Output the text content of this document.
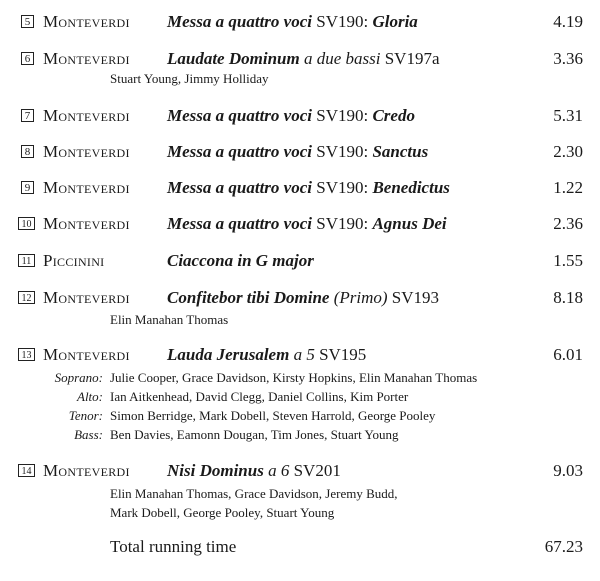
5 Monteverdi Messa a quattro voci SV190: Gloria	4.19
6 Monteverdi Laudate Dominum a due bassi SV197a	3.36
Stuart Young, Jimmy Holliday
7 Monteverdi Messa a quattro voci SV190: Credo	5.31
8 Monteverdi Messa a quattro voci SV190: Sanctus	2.30
9 Monteverdi Messa a quattro voci SV190: Benedictus	1.22
10 Monteverdi Messa a quattro voci SV190: Agnus Dei	2.36
11 Piccinini	Ciaccona in G major	1.55
12 Monteverdi Confitebor tibi Domine (Primo) SV193	8.18
Elin Manahan Thomas
13 Monteverdi Lauda Jerusalem a 5 SV195	6.01
Soprano: Julie Cooper, Grace Davidson, Kirsty Hopkins, Elin Manahan Thomas
Alto: Ian Aitkenhead, David Clegg, Daniel Collins, Kim Porter
Tenor: Simon Berridge, Mark Dobell, Steven Harrold, George Pooley
Bass: Ben Davies, Eamonn Dougan, Tim Jones, Stuart Young
14 Monteverdi Nisi Dominus a 6 SV201	9.03
Elin Manahan Thomas, Grace Davidson, Jeremy Budd,
Mark Dobell, George Pooley, Stuart Young
Total running time	67.23
